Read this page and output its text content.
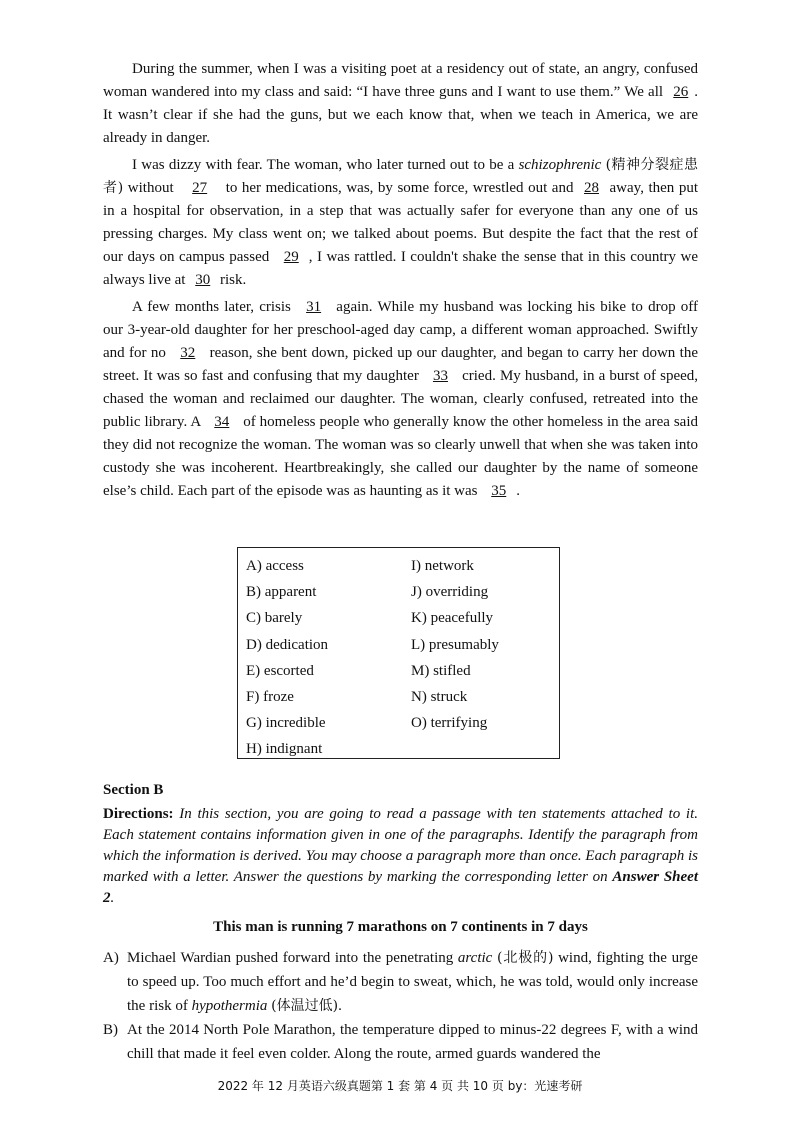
During the summer, when I was a visiting poet at a residency out of state, an angry, confused woman wandered into my class and said: “I have three guns and I want to use them.” We all 26 . It wasn’t clear if she had the guns, but we each know that, when we teach in America, we are already in danger.

I was dizzy with fear. The woman, who later turned out to be a schizophrenic (精神分裂症患者) without 27 to her medications, was, by some force, wrestled out and 28 away, then put in a hospital for observation, in a step that was actually safer for everyone than any one of us pressing charges. My class went on; we talked about poems. But despite the fact that the rest of our days on campus passed 29 , I was rattled. I couldn't shake the sense that in this country we always live at 30 risk.

A few months later, crisis 31 again. While my husband was locking his bike to drop off our 3-year-old daughter for her preschool-aged day camp, a different woman approached. Swiftly and for no 32 reason, she bent down, picked up our daughter, and began to carry her down the street. It was so fast and confusing that my daughter 33 cried. My husband, in a burst of speed, chased the woman and reclaimed our daughter. The woman, clearly confused, retreated into the public library. A 34 of homeless people who generally know the other homeless in the area said they did not recognize the woman. The woman was so clearly unwell that when she was taken into custody she was incoherent. Heartbreakingly, she called our daughter by the name of someone else’s child. Each part of the episode was as haunting as it was 35 .

A) access
B) apparent
C) barely
D) dedication
E) escorted
F) froze
G) incredible
H) indignant
I) network
J) overriding
K) peacefully
L) presumably
M) stifled
N) struck
O) terrifying
Section B
Directions: In this section, you are going to read a passage with ten statements attached to it. Each statement contains information given in one of the paragraphs. Identify the paragraph from which the information is derived. You may choose a paragraph more than once. Each paragraph is marked with a letter. Answer the questions by marking the corresponding letter on Answer Sheet 2.
This man is running 7 marathons on 7 continents in 7 days
A) Michael Wardian pushed forward into the penetrating arctic (北极的) wind, fighting the urge to speed up. Too much effort and he’d begin to sweat, which, he was told, would only increase the risk of hypothermia (体温过低).
B) At the 2014 North Pole Marathon, the temperature dipped to minus-22 degrees F, with a wind chill that made it feel even colder. Along the route, armed guards wandered the
2022 年 12 月英语六级真题第 1 套 第 4 页 共 10 页 by：光速考研
